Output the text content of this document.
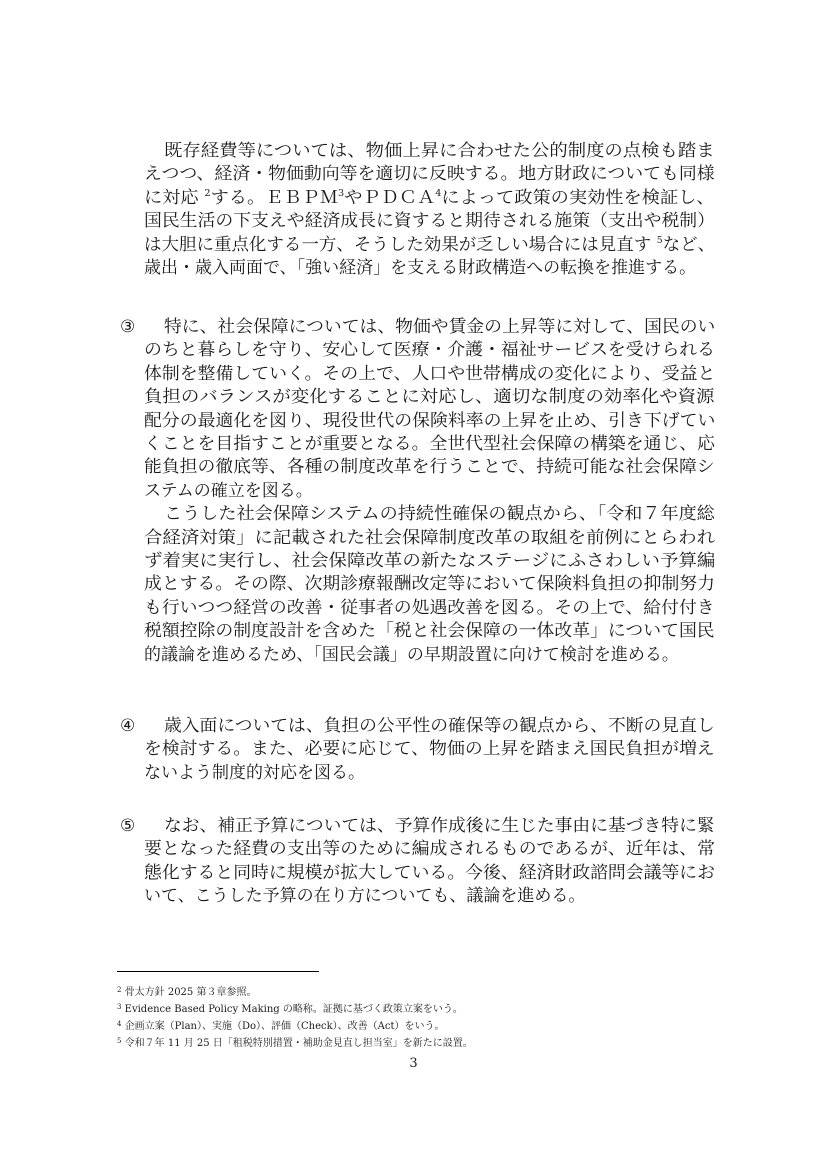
既存経費等については、物価上昇に合わせた公的制度の点検も踏ま
えつつ、経済・物価動向等を適切に反映する。地方財政についても同様
に対応 $^2$する。ＥＢＰＭ$^3$やＰＤＣＡ$^4$によって政策の実効性を検証し、
国民生活の下支えや経済成長に資すると期待される施策（支出や税制）
は大胆に重点化する一方、そうした効果が乏しい場合には見直す $^5$など、
歳出・歳入両面で、「強い経済」を支える財政構造への転換を推進する。
③ 特に、社会保障については、物価や賃金の上昇等に対して、国民のい
のちと暮らしを守り、安心して医療・介護・福祉サービスを受けられる
体制を整備していく。その上で、人口や世帯構成の変化により、受益と
負担のバランスが変化することに対応し、適切な制度の効率化や資源
配分の最適化を図り、現役世代の保険料率の上昇を止め、引き下げてい
くことを目指すことが重要となる。全世代型社会保障の構築を通じ、応
能負担の徹底等、各種の制度改革を行うことで、持続可能な社会保障シ
ステムの確立を図る。
こうした社会保障システムの持続性確保の観点から、「令和７年度総
合経済対策」に記載された社会保障制度改革の取組を前例にとらわれ
ず着実に実行し、社会保障改革の新たなステージにふさわしい予算編
成とする。その際、次期診療報酬改定等において保険料負担の抑制努力
も行いつつ経営の改善・従事者の処遇改善を図る。その上で、給付付き
税額控除の制度設計を含めた「税と社会保障の一体改革」について国民
的議論を進めるため、「国民会議」の早期設置に向けて検討を進める。
④ 歳入面については、負担の公平性の確保等の観点から、不断の見直し
を検討する。また、必要に応じて、物価の上昇を踏まえ国民負担が増え
ないよう制度的対応を図る。
⑤ なお、補正予算については、予算作成後に生じた事由に基づき特に緊
要となった経費の支出等のために編成されるものであるが、近年は、常
態化すると同時に規模が拡大している。今後、経済財政諮問会議等にお
いて、こうした予算の在り方についても、議論を進める。
$^2$ 骨太方針 2025 第３章参照。
$^3$ Evidence Based Policy Making の略称。証拠に基づく政策立案をいう。
$^4$ 企画立案（Plan）、実施（Do）、評価（Check）、改善（Act）をいう。
$^5$ 令和７年 11 月 25 日「租税特別措置・補助金見直し担当室」を新たに設置。
3
